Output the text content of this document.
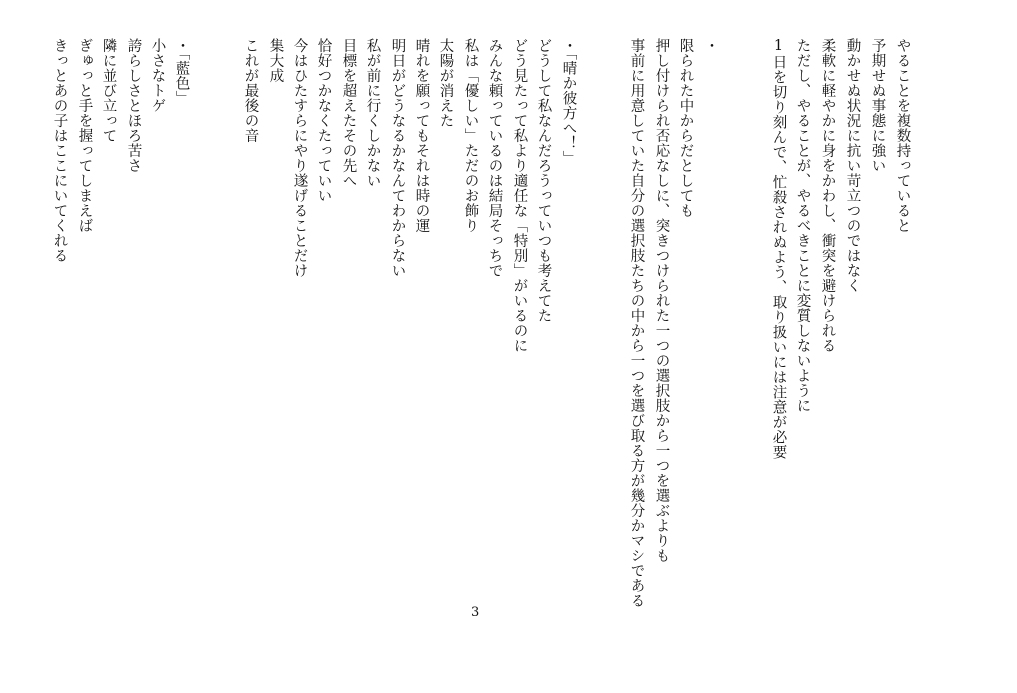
やることを複数持っていると

予期せぬ事態に強い

動かせぬ状況に抗い苛立つのではなく

柔軟に軽やかに身をかわし、衝突を避けられる

ただし、やることが、やるべきことに変質しないように

1日を切り刻んで、忙殺されぬよう、取り扱いには注意が必要

・

限られた中からだとしても

押し付けられ否応なしに、突きつけられた一つの選択肢から一つを選ぶよりも

事前に用意していた自分の選択肢たちの中から一つを選び取る方が幾分かマシである

・「晴か彼方へ！」

どうして私なんだろうっていつも考えてた

どう見たって私より適任な「特別」がいるのに

みんな頼っているのは結局そっちで

私は「優しい」ただのお飾り

太陽が消えた

晴れを願ってもそれは時の運

明日がどうなるかなんてわからない

私が前に行くしかない

目標を超えたその先へ

恰好つかなくたっていい

今はひたすらにやり遂げることだけ

集大成

これが最後の音

・「藍色」

小さなトゲ

誇らしさとほろ苦さ

隣に並び立って

ぎゅっと手を握ってしまえば

きっとあの子はここにいてくれる

3
